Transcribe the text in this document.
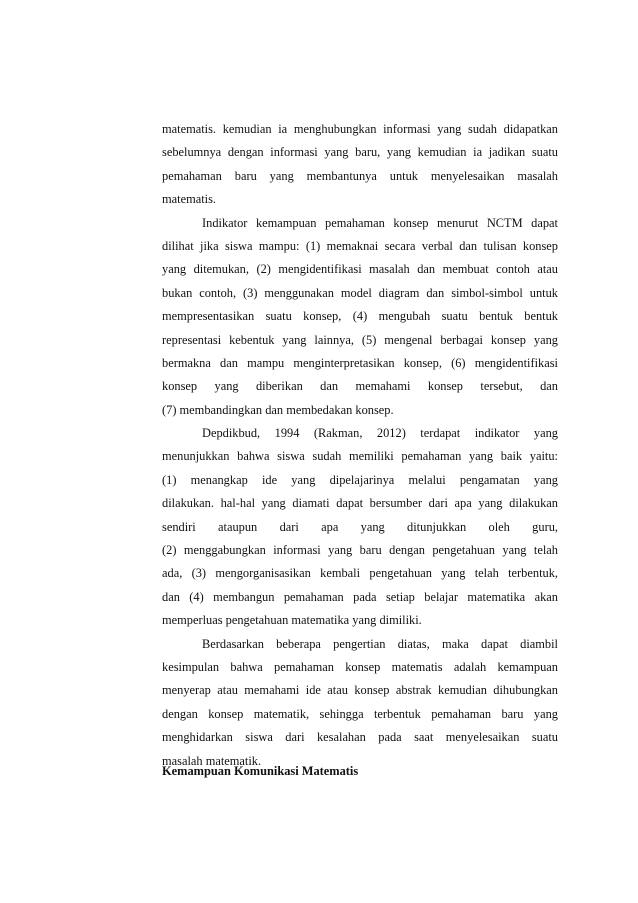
matematis. kemudian ia menghubungkan informasi yang sudah didapatkan
sebelumnya dengan informasi yang baru, yang kemudian ia jadikan suatu
pemahaman baru yang membantunya untuk menyelesaikan masalah
matematis.
Indikator kemampuan pemahaman konsep menurut NCTM dapat
dilihat jika siswa mampu: (1) memaknai secara verbal dan tulisan konsep
yang ditemukan, (2) mengidentifikasi masalah dan membuat contoh atau
bukan contoh, (3) menggunakan model diagram dan simbol-simbol untuk
mempresentasikan suatu konsep, (4) mengubah suatu bentuk bentuk
representasi kebentuk yang lainnya, (5) mengenal berbagai konsep yang
bermakna dan mampu menginterpretasikan konsep, (6) mengidentifikasi
konsep yang diberikan dan memahami konsep tersebut, dan
(7) membandingkan dan membedakan konsep.
Depdikbud, 1994 (Rakman, 2012) terdapat indikator yang
menunjukkan bahwa siswa sudah memiliki pemahaman yang baik yaitu:
(1) menangkap ide yang dipelajarinya melalui pengamatan yang
dilakukan. hal-hal yang diamati dapat bersumber dari apa yang dilakukan
sendiri ataupun dari apa yang ditunjukkan oleh guru,
(2) menggabungkan informasi yang baru dengan pengetahuan yang telah
ada, (3) mengorganisasikan kembali pengetahuan yang telah terbentuk,
dan (4) membangun pemahaman pada setiap belajar matematika akan
memperluas pengetahuan matematika yang dimiliki.
Berdasarkan beberapa pengertian diatas, maka dapat diambil
kesimpulan bahwa pemahaman konsep matematis adalah kemampuan
menyerap atau memahami ide atau konsep abstrak kemudian dihubungkan
dengan konsep matematik, sehingga terbentuk pemahaman baru yang
menghidarkan siswa dari kesalahan pada saat menyelesaikan suatu
masalah matematik.
Kemampuan Komunikasi Matematis
